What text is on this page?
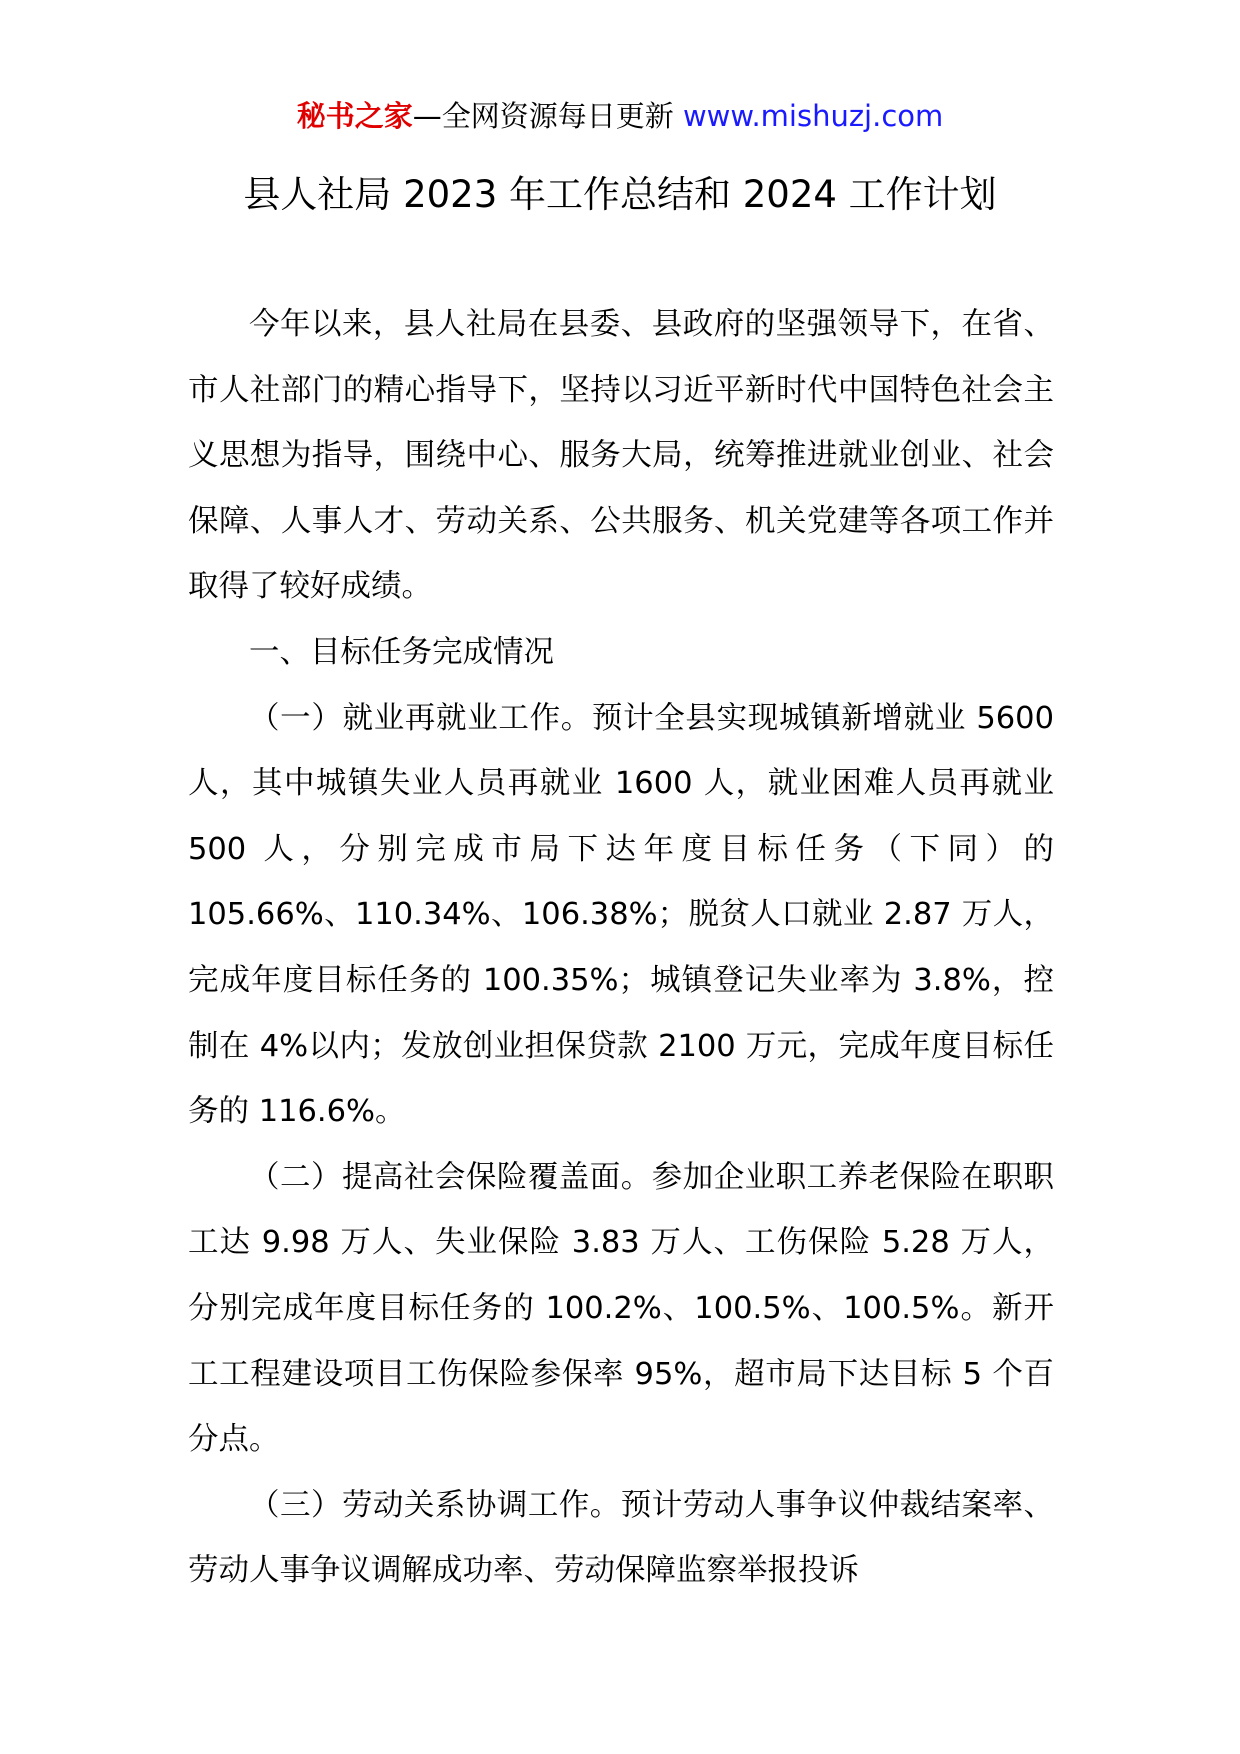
秘书之家—全网资源每日更新 www.mishuzj.com
县人社局 2023 年工作总结和 2024 工作计划

今年以来，县人社局在县委、县政府的坚强领导下，在省、市人社部门的精心指导下，坚持以习近平新时代中国特色社会主义思想为指导，围绕中心、服务大局，统筹推进就业创业、社会保障、人事人才、劳动关系、公共服务、机关党建等各项工作并取得了较好成绩。

一、目标任务完成情况

（一）就业再就业工作。预计全县实现城镇新增就业 5600 人，其中城镇失业人员再就业 1600 人，就业困难人员再就业 500 人，分别完成市局下达年度目标任务（下同）的 105.66%、110.34%、106.38%；脱贫人口就业 2.87 万人，完成年度目标任务的 100.35%；城镇登记失业率为 3.8%，控制在 4%以内；发放创业担保贷款 2100 万元，完成年度目标任务的 116.6%。

（二）提高社会保险覆盖面。参加企业职工养老保险在职职工达 9.98 万人、失业保险 3.83 万人、工伤保险 5.28 万人，分别完成年度目标任务的 100.2%、100.5%、100.5%。新开工工程建设项目工伤保险参保率 95%，超市局下达目标 5 个百分点。

（三）劳动关系协调工作。预计劳动人事争议仲裁结案率、劳动人事争议调解成功率、劳动保障监察举报投诉
